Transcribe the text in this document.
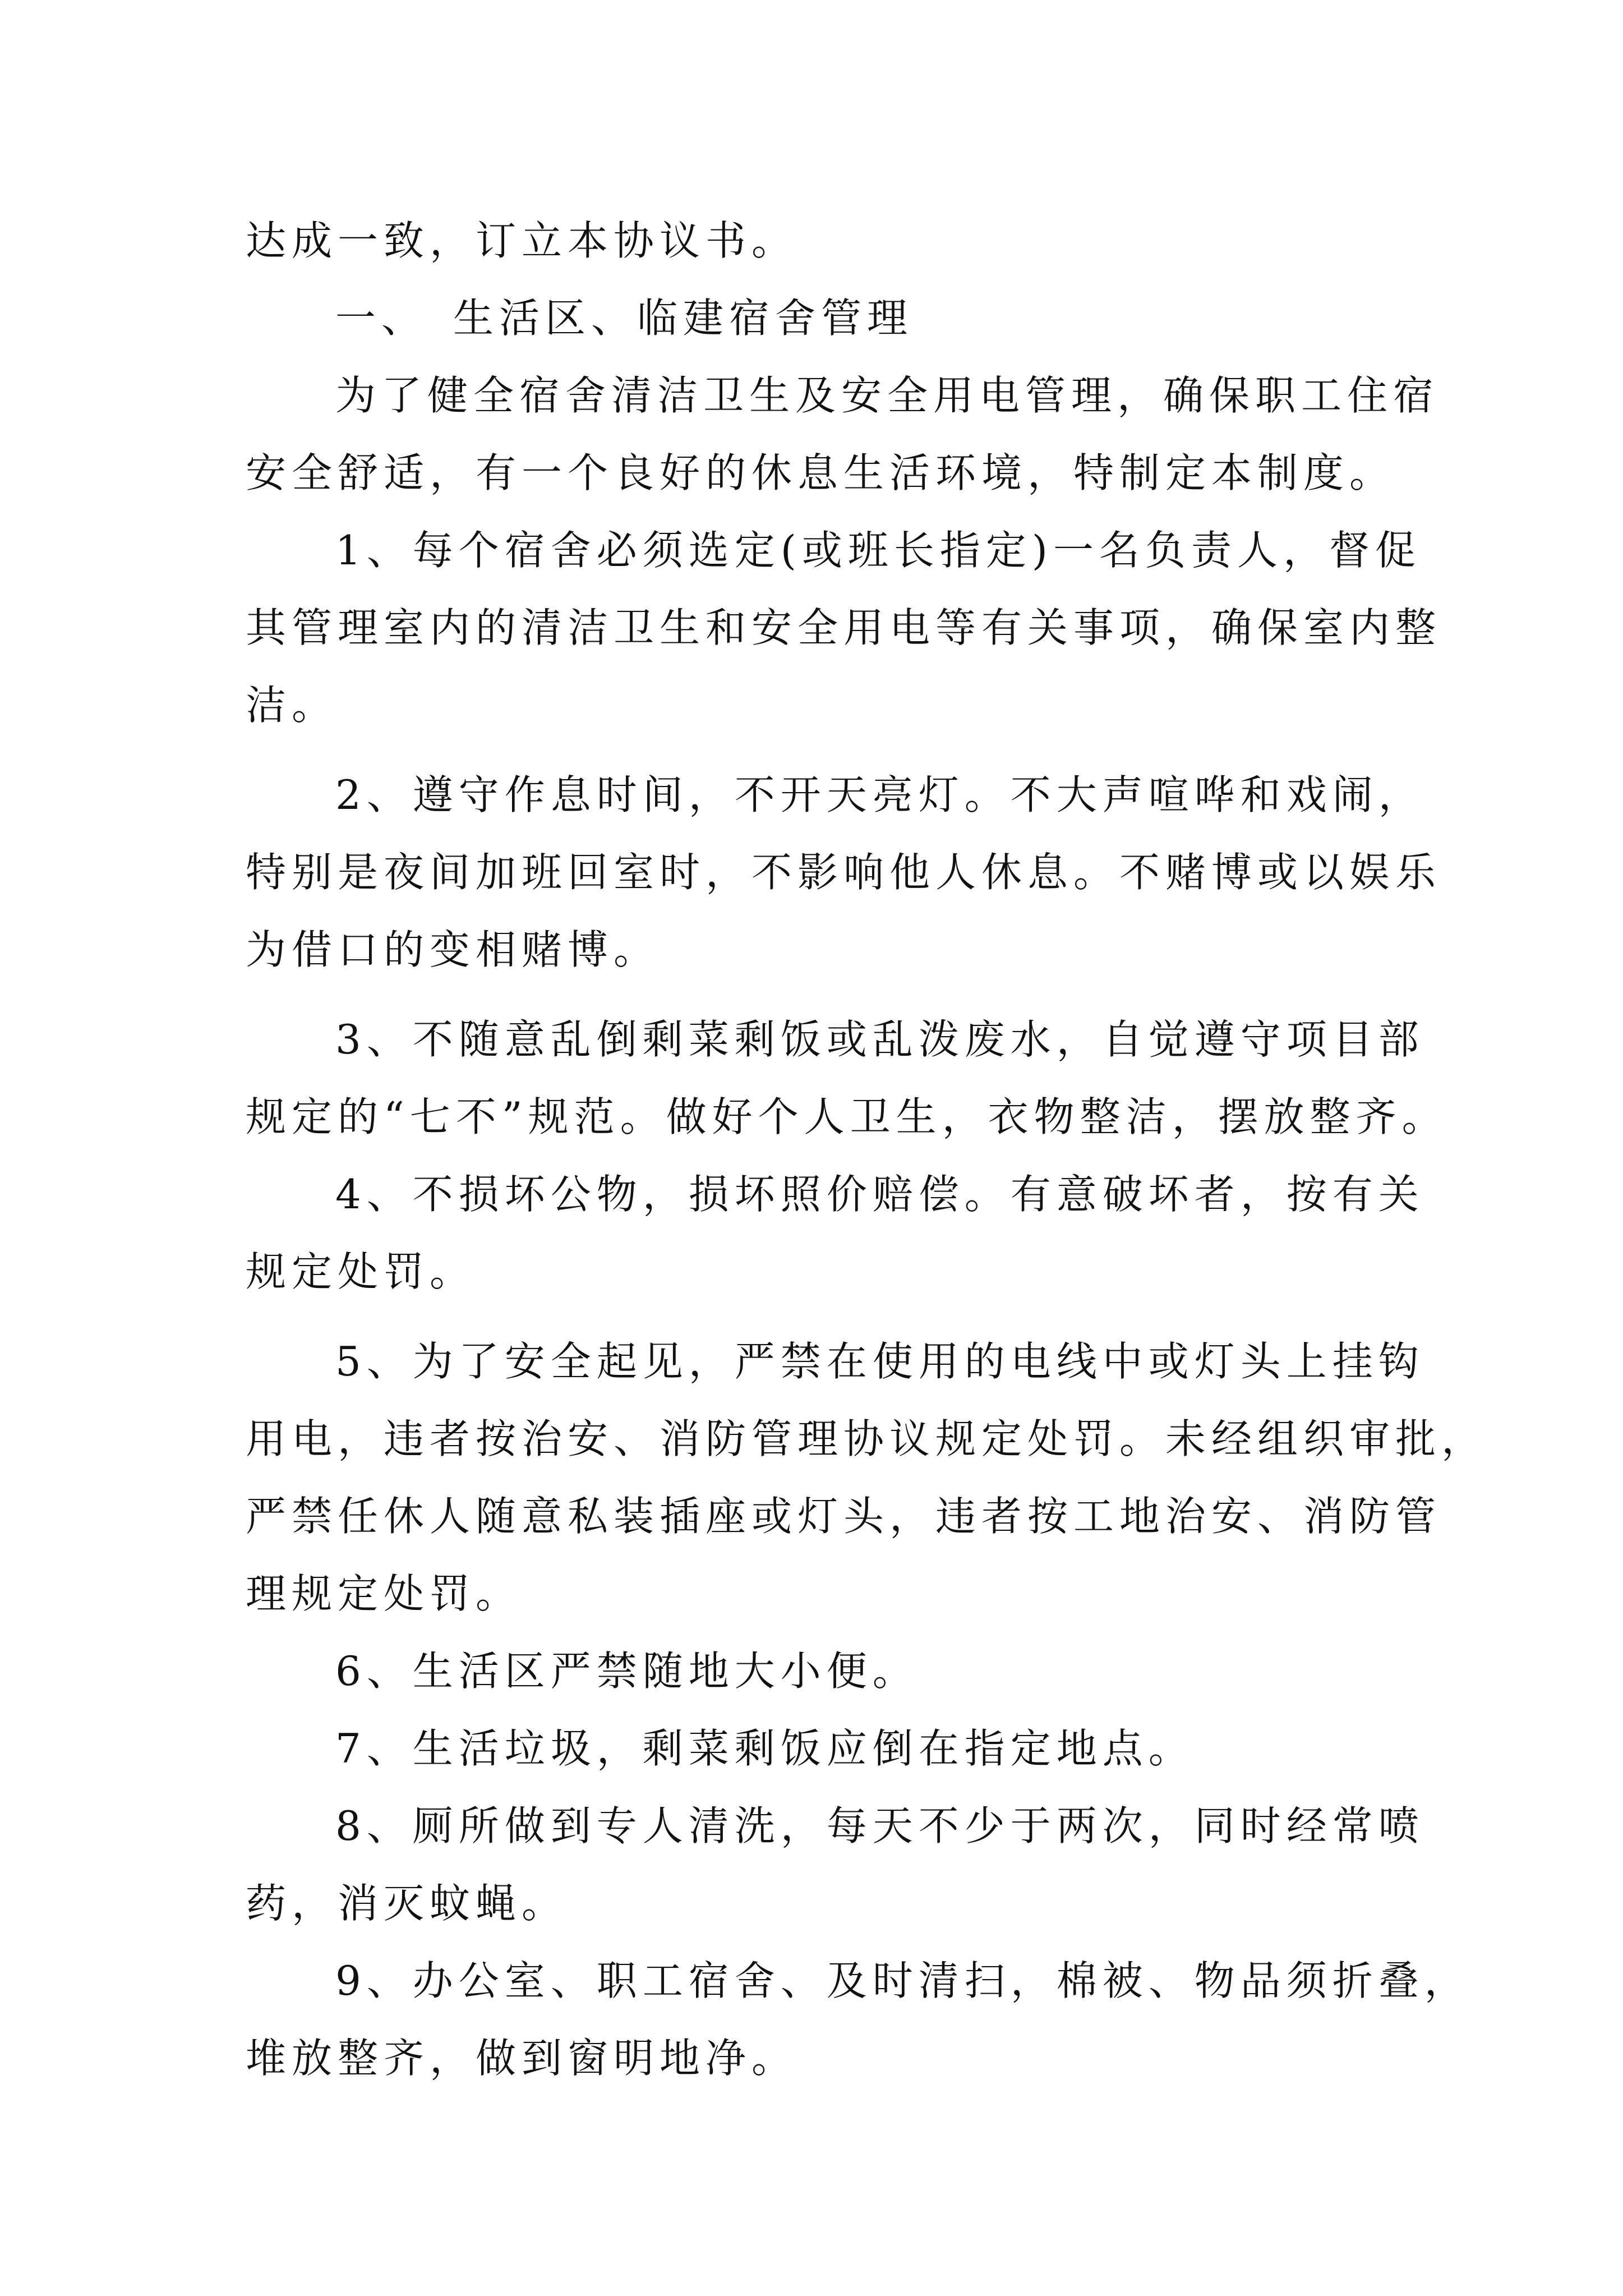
达成一致，订立本协议书。
一、 生活区、临建宿舍管理
为了健全宿舍清洁卫生及安全用电管理，确保职工住宿
安全舒适，有一个良好的休息生活环境，特制定本制度。
1、每个宿舍必须选定(或班长指定)一名负责人，督促
其管理室内的清洁卫生和安全用电等有关事项，确保室内整
洁。
2、遵守作息时间，不开天亮灯。不大声喧哗和戏闹，
特别是夜间加班回室时，不影响他人休息。不赌博或以娱乐
为借口的变相赌博。
3、不随意乱倒剩菜剩饭或乱泼废水，自觉遵守项目部
规定的“七不”规范。做好个人卫生，衣物整洁，摆放整齐。
4、不损坏公物，损坏照价赔偿。有意破坏者，按有关
规定处罚。
5、为了安全起见，严禁在使用的电线中或灯头上挂钩
用电，违者按治安、消防管理协议规定处罚。未经组织审批，
严禁任休人随意私装插座或灯头，违者按工地治安、消防管
理规定处罚。
6、生活区严禁随地大小便。
7、生活垃圾，剩菜剩饭应倒在指定地点。
8、厕所做到专人清洗，每天不少于两次，同时经常喷
药，消灭蚊蝇。
9、办公室、职工宿舍、及时清扫，棉被、物品须折叠，
堆放整齐，做到窗明地净。
